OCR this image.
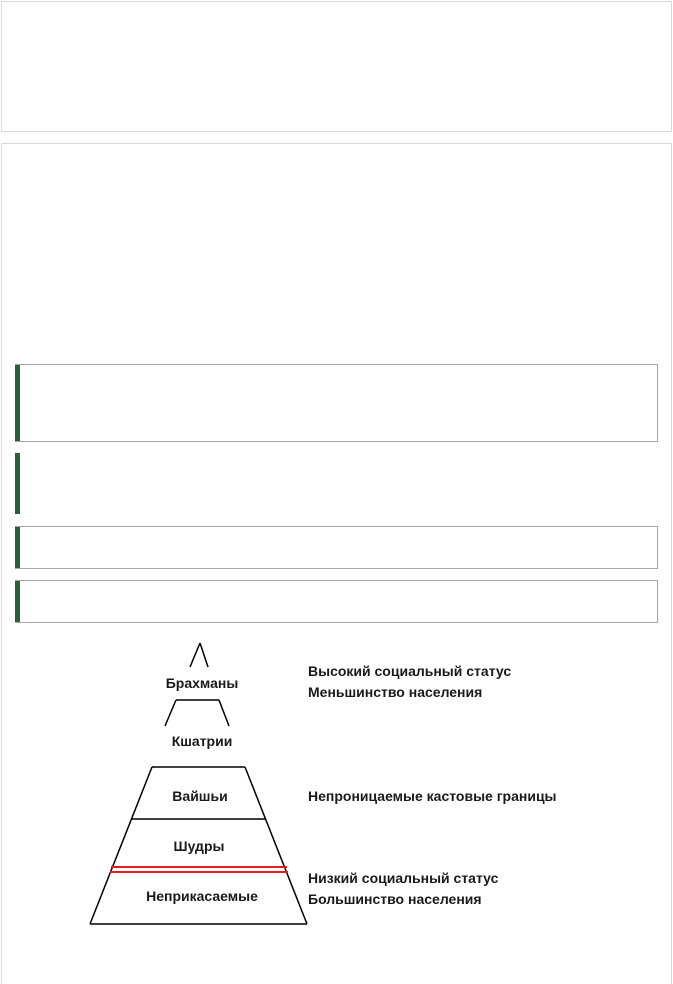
Брахманы
Кшатрии
Вайшьи
Шудры
Неприкасаемые
Высокий социальный статус
Меньшинство населения
Непроницаемые кастовые границы
Низкий социальный статус
Большинство населения
